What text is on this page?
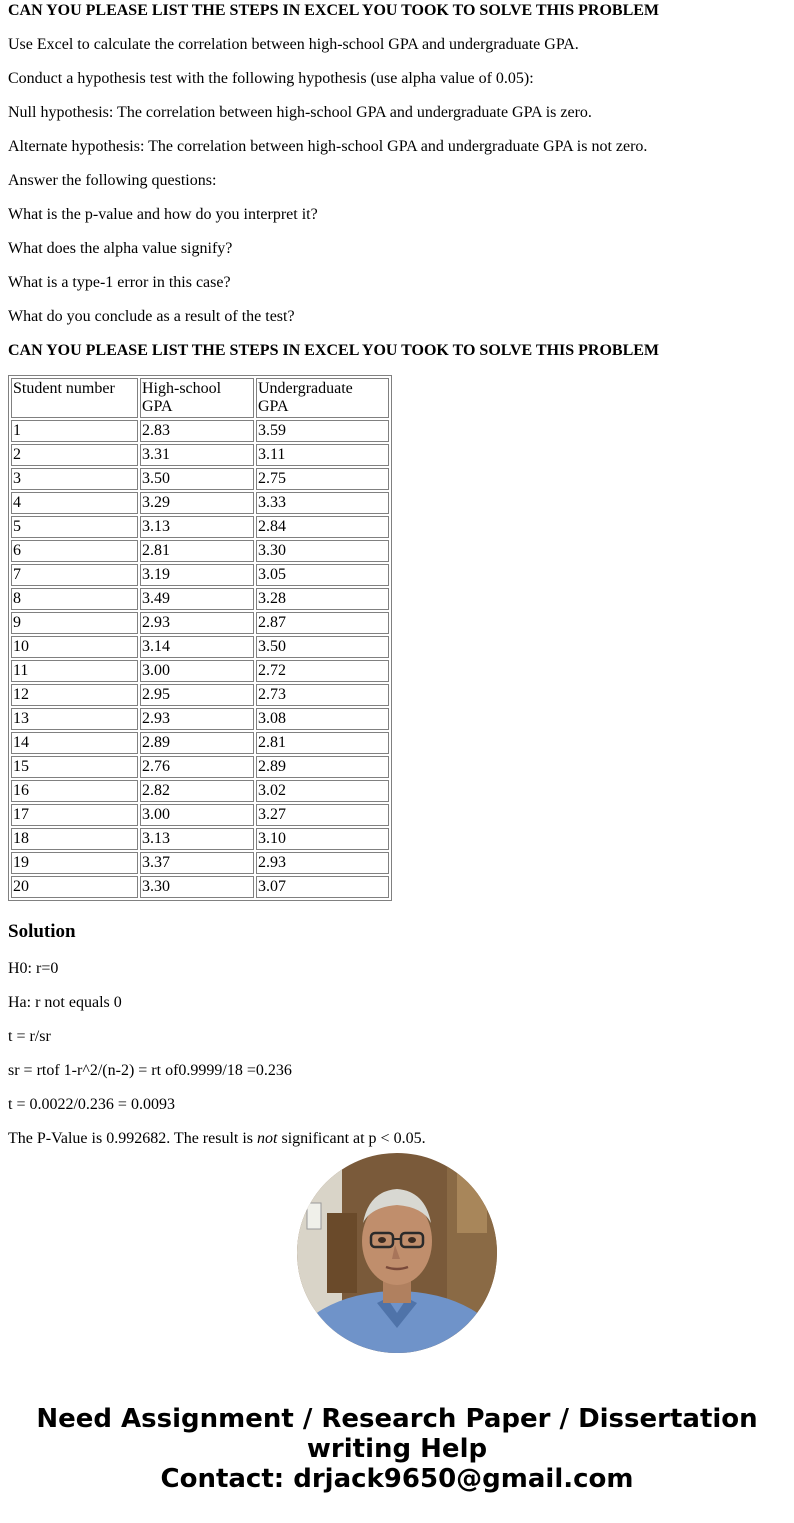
CAN YOU PLEASE LIST THE STEPS IN EXCEL YOU TOOK TO SOLVE THIS PROBLEM

Use Excel to calculate the correlation between high-school GPA and undergraduate GPA.

Conduct a hypothesis test with the following hypothesis (use alpha value of 0.05):

Null hypothesis: The correlation between high-school GPA and undergraduate GPA is zero.

Alternate hypothesis: The correlation between high-school GPA and undergraduate GPA is not zero.

Answer the following questions:

What is the p-value and how do you interpret it?

What does the alpha value signify?

What is a type-1 error in this case?

What do you conclude as a result of the test?

CAN YOU PLEASE LIST THE STEPS IN EXCEL YOU TOOK TO SOLVE THIS PROBLEM
Student number	High-school GPA	Undergraduate GPA
1	2.83	3.59
2	3.31	3.11
3	3.50	2.75
4	3.29	3.33
5	3.13	2.84
6	2.81	3.30
7	3.19	3.05
8	3.49	3.28
9	2.93	2.87
10	3.14	3.50
11	3.00	2.72
12	2.95	2.73
13	2.93	3.08
14	2.89	2.81
15	2.76	2.89
16	2.82	3.02
17	3.00	3.27
18	3.13	3.10
19	3.37	2.93
20	3.30	3.07
Solution

H0: r=0

Ha: r not equals 0

t = r/sr

sr = rtof 1-r^2/(n-2) = rt of0.9999/18 =0.236

t = 0.0022/0.236 = 0.0093

The P-Value is 0.992682. The result is not significant at p < 0.05.

Need Assignment / Research Paper / Dissertation
writing Help
Contact: drjack9650@gmail.com
